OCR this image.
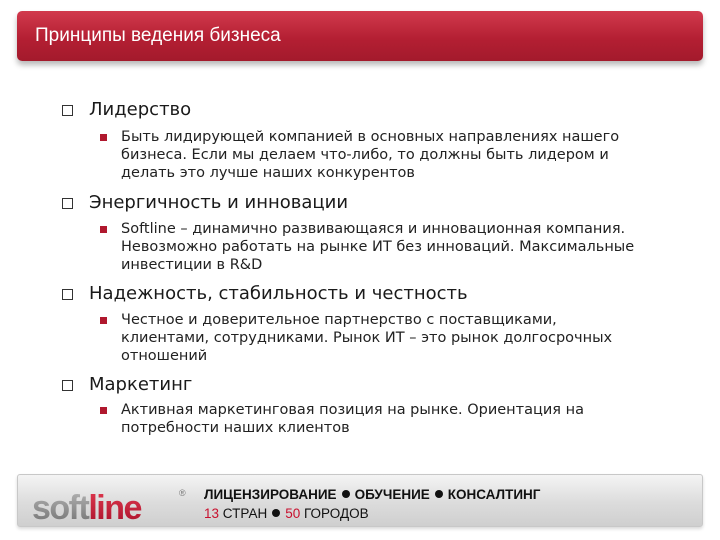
Принципы ведения бизнеса
Лидерство
Быть лидирующей компанией в основных направлениях нашего
бизнеса. Если мы делаем что-либо, то должны быть лидером и
делать это лучше наших конкурентов
Энергичность и инновации
Softline – динамично развивающаяся и инновационная компания.
Невозможно работать на рынке ИТ без инноваций. Максимальные
инвестиции в R&D
Надежность, стабильность и честность
Честное и доверительное партнерство с поставщиками,
клиентами, сотрудниками. Рынок ИТ – это рынок долгосрочных
отношений
Маркетинг
Активная маркетинговая позиция на рынке. Ориентация на
потребности наших клиентов
softline	® ЛИЦЕНЗИРОВАНИЕ ОБУЧЕНИЕ КОНСАЛТИНГ
13 СТРАН 50 ГОРОДОВ
